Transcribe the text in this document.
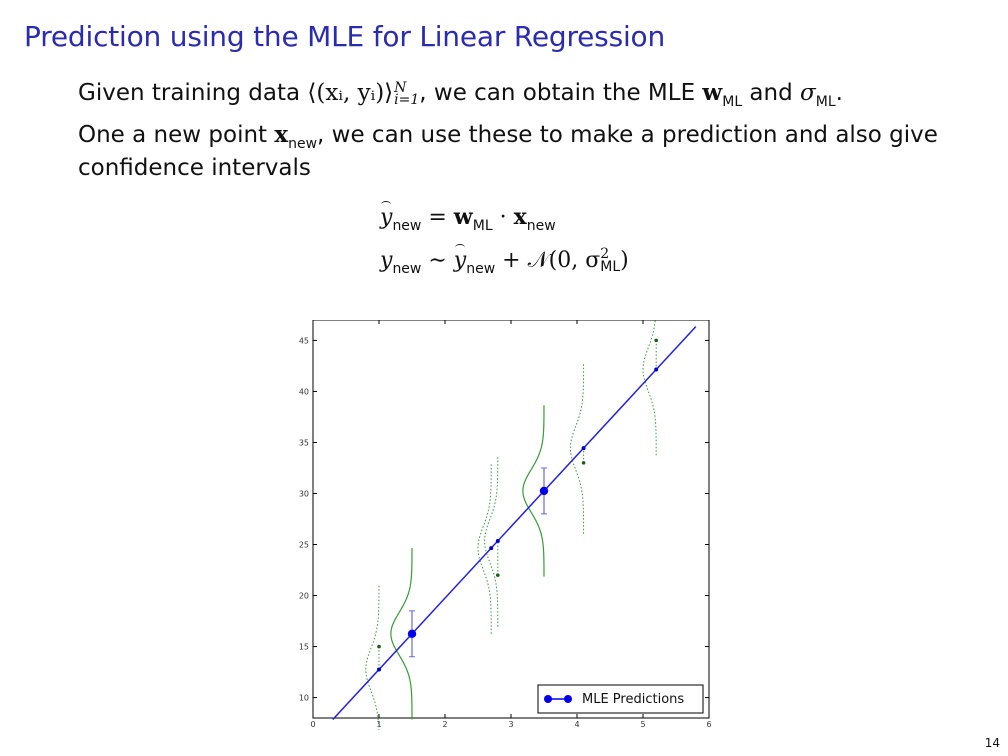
Prediction using the MLE for Linear Regression
Given training data ⟨(xᵢ, yᵢ)⟩ N
i=1 , we can obtain the MLE $w_{ML}$ and $\sigma_{ML}$.
One a new point $x_{new}$, we can use these to make a prediction and also give confidence intervals
$y_{new} = w_{ML} \cdot x_{new}$
$y_{new}$ ∼ $y_{new}$ + 𝒩(0, σ 2
ML )
0	1	2	3	4	5	6
10
15
20
25
30
35
40
45
MLE Predictions
14
